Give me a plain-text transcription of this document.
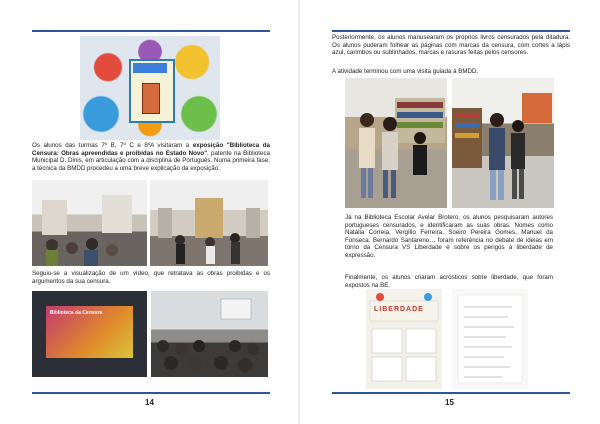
Os alunos das turmas 7º B, 7º C e 8ºA visitaram a exposição "Biblioteca da Censura: Obras apreendidas e proibidas no Estado Novo", patente na Biblioteca Municipal D. Dinis, em articulação com a disciplina de Português. Numa primeira fase, a técnica da BMDD procedeu a uma breve explicação da exposição.
Seguiu-se a visualização de um vídeo, que retratava as obras proibidas e os argumentos da sua censura.
Biblioteca da Censura
14
Posteriormente, os alunos manusearam os próprios livros censurados pela ditadura. Os alunos puderam folhear as páginas com marcas da censura, com cortes a lápis azul, carimbos ou sublinhados, marcas e rasuras feitas pelos censores.
A atividade terminou com uma visita guiada à BMDD.
Já na Biblioteca Escolar Avelar Brotero, os alunos pesquisaram autores portugueses censurados, e identificaram as suas obras. Nomes como Natália Correia, Vergílio Ferreira, Soeiro Pereira Gomes, Manuel da Fonseca, Bernardo Santareno… foram referência no debate de ideias em torno da Censura VS Liberdade e sobre os perigos à liberdade de expressão.
Finalmente, os alunos criaram acrósticos sobre liberdade, que foram expostos na BE.
LIBERDADE
15
